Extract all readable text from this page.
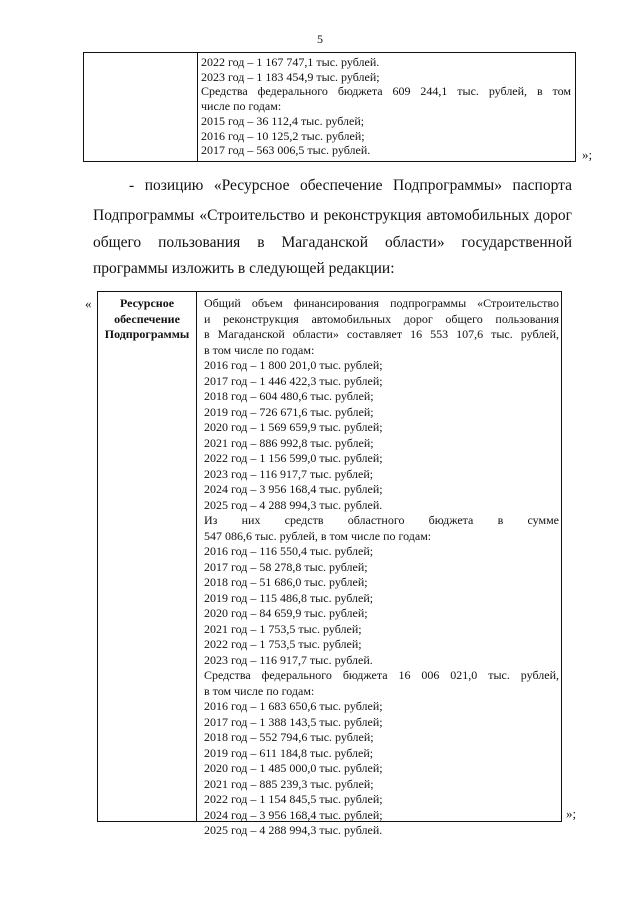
5
2022 год – 1 167 747,1 тыс. рублей.
2023 год – 1 183 454,9 тыс. рублей;
Средства федерального бюджета 609 244,1 тыс. рублей, в том
числе по годам:
2015 год – 36 112,4 тыс. рублей;
2016 год – 10 125,2 тыс. рублей;
2017 год – 563 006,5 тыс. рублей.	»;
- позицию «Ресурсное обеспечение Подпрограммы» паспорта
Подпрограммы «Строительство и реконструкция автомобильных дорог
общего пользования в Магаданской области» государственной
программы изложить в следующей редакции:
«	Ресурсное
обеспечение
Подпрограммы
Общий объем финансирования подпрограммы «Строительство
и реконструкция автомобильных дорог общего пользования
в Магаданской области» составляет 16 553 107,6 тыс. рублей,
в том числе по годам:
2016 год – 1 800 201,0 тыс. рублей;
2017 год – 1 446 422,3 тыс. рублей;
2018 год – 604 480,6 тыс. рублей;
2019 год – 726 671,6 тыс. рублей;
2020 год – 1 569 659,9 тыс. рублей;
2021 год – 886 992,8 тыс. рублей;
2022 год – 1 156 599,0 тыс. рублей;
2023 год – 116 917,7 тыс. рублей;
2024 год – 3 956 168,4 тыс. рублей;
2025 год – 4 288 994,3 тыс. рублей.
Из них средств областного бюджета в сумме
547 086,6 тыс. рублей, в том числе по годам:
2016 год – 116 550,4 тыс. рублей;
2017 год – 58 278,8 тыс. рублей;
2018 год – 51 686,0 тыс. рублей;
2019 год – 115 486,8 тыс. рублей;
2020 год – 84 659,9 тыс. рублей;
2021 год – 1 753,5 тыс. рублей;
2022 год – 1 753,5 тыс. рублей;
2023 год – 116 917,7 тыс. рублей.
Средства федерального бюджета 16 006 021,0 тыс. рублей,
в том числе по годам:
2016 год – 1 683 650,6 тыс. рублей;
2017 год – 1 388 143,5 тыс. рублей;
2018 год – 552 794,6 тыс. рублей;
2019 год – 611 184,8 тыс. рублей;
2020 год – 1 485 000,0 тыс. рублей;
2021 год – 885 239,3 тыс. рублей;
2022 год – 1 154 845,5 тыс. рублей;
2024 год – 3 956 168,4 тыс. рублей;
2025 год – 4 288 994,3 тыс. рублей.
»;
